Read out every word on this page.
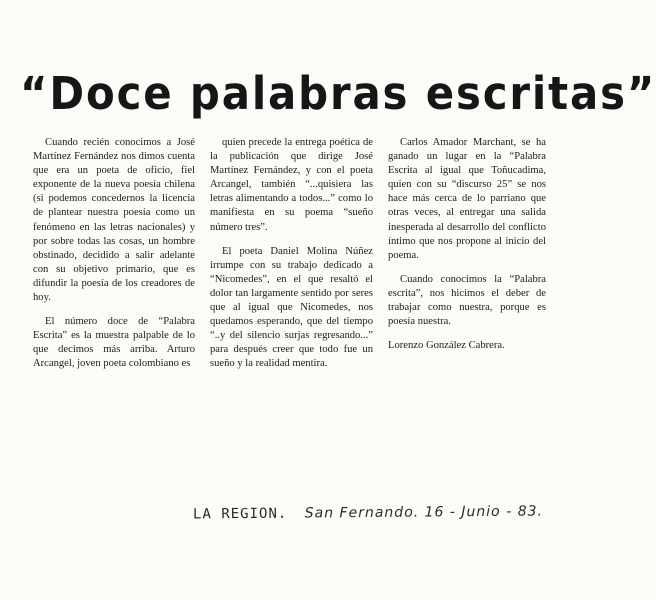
“Doce palabras escritas”

Cuando recién conocimos a José Martínez Fernández nos dimos cuenta que era un poeta de oficio, fiel exponente de la nueva poesía chilena (si podemos concedernos la licencia de plantear nuestra poesía como un fenómeno en las letras nacionales) y por sobre todas las cosas, un hombre obstinado, decidido a salir adelante con su objetivo primario, que es difundir la poesía de los creadores de hoy.

El número doce de “Palabra Escrita” es la muestra palpable de lo que decimos más arriba. Arturo Arcangel, joven poeta colombiano es

quien precede la entrega poética de la publicación que dirige José Martínez Fernández, y con el poeta Arcangel, también “...quisiera las letras alimentando a todos...” como lo manifiesta en su poema “sueño número tres”.

El poeta Daniel Molina Núñez irrumpe con su trabajo dedicado a “Nicomedes”, en el que resaltó el dolor tan largamente sentido por seres que al igual que Nicomedes, nos quedamos esperando, que del tiempo “..y del silencio surjas regresando...” para después creer que todo fue un sueño y la realidad mentira.

Carlos Amador Marchant, se ha ganado un lugar en la “Palabra Escrita al igual que Toñucadima, quien con su “discurso 25” se nos hace más cerca de lo parriano que otras veces, al entregar una salida inesperada al desarrollo del conflicto íntimo que nos propone al inicio del poema.

Cuando conocimos la “Palabra escrita”, nos hicimos el deber de trabajar como nuestra, porque es poesía nuestra.

Lorenzo González Cabrera.

LA REGION. San Fernando. 16 - Junio - 83.
